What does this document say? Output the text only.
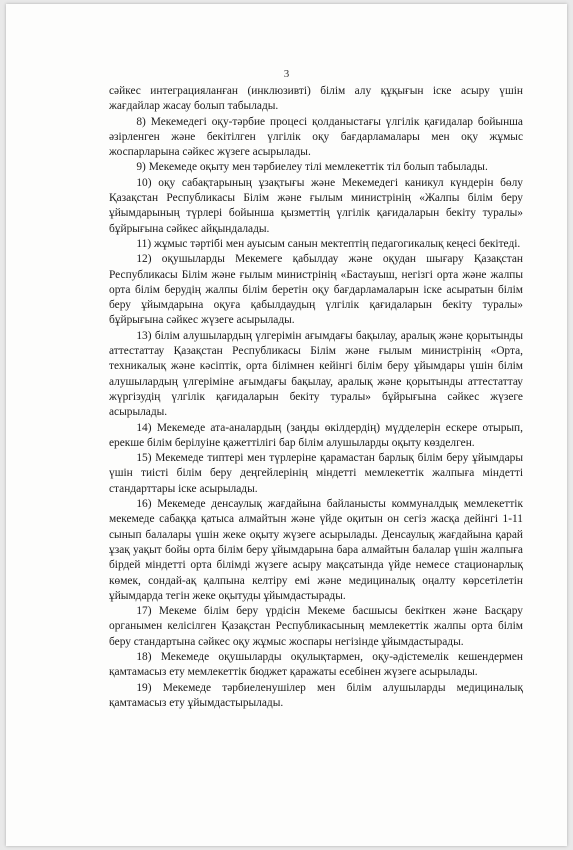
3

сәйкес интеграцияланған (инклюзивті) білім алу құқығын іске асыру үшін жағдайлар жасау болып табылады.

8) Мекемедегі оқу-тәрбие процесі қолданыстағы үлгілік қағидалар бойынша әзірленген және бекітілген үлгілік оқу бағдарламалары мен оқу жұмыс жоспарларына сәйкес жүзеге асырылады.

9) Мекемеде оқыту мен тәрбиелеу тілі мемлекеттік тіл болып табылады.

10) оқу сабақтарының ұзақтығы және Мекемедегі каникул күндерін бөлу Қазақстан Республикасы Білім және ғылым министрінің «Жалпы білім беру ұйымдарының түрлері бойынша қызметтің үлгілік қағидаларын бекіту туралы» бұйрығына сәйкес айқындалады.

11) жұмыс тәртібі мен ауысым санын мектептің педагогикалық кеңесі бекітеді.

12) оқушыларды Мекемеге қабылдау және оқудан шығару Қазақстан Республикасы Білім және ғылым министрінің «Бастауыш, негізгі орта және жалпы орта білім берудің жалпы білім беретін оқу бағдарламаларын іске асыратын білім беру ұйымдарына оқуға қабылдаудың үлгілік қағидаларын бекіту туралы» бұйрығына сәйкес жүзеге асырылады.

13) білім алушылардың үлгерімін ағымдағы бақылау, аралық және қорытынды аттестаттау Қазақстан Республикасы Білім және ғылым министрінің «Орта, техникалық және кәсіптік, орта білімнен кейінгі білім беру ұйымдары үшін білім алушылардың үлгеріміне ағымдағы бақылау, аралық және қорытынды аттестаттау жүргізудің үлгілік қағидаларын бекіту туралы» бұйрығына сәйкес жүзеге асырылады.

14) Мекемеде ата-аналардың (заңды өкілдердің) мүдделерін ескере отырып, ерекше білім берілуіне қажеттілігі бар білім алушыларды оқыту көзделген.

15) Мекемеде типтері мен түрлеріне қарамастан барлық білім беру ұйымдары үшін тиісті білім беру деңгейлерінің міндетті мемлекеттік жалпыға міндетті стандарттары іске асырылады.

16) Мекемеде денсаулық жағдайына байланысты коммуналдық мемлекеттік мекемеде сабаққа қатыса алмайтын және үйде оқитын он сегіз жасқа дейінгі 1-11 сынып балалары үшін жеке оқыту жүзеге асырылады. Денсаулық жағдайына қарай ұзақ уақыт бойы орта білім беру ұйымдарына бара алмайтын балалар үшін жалпыға бірдей міндетті орта білімді жүзеге асыру мақсатында үйде немесе стационарлық көмек, сондай-ақ қалпына келтіру емі және медициналық оңалту көрсетілетін ұйымдарда тегін жеке оқытуды ұйымдастырады.

17) Мекеме білім беру үрдісін Мекеме басшысы бекіткен және Басқару органымен келісілген Қазақстан Республикасының мемлекеттік жалпы орта білім беру стандартына сәйкес оқу жұмыс жоспары негізінде ұйымдастырады.

18) Мекемеде оқушыларды оқулықтармен, оқу-әдістемелік кешендермен қамтамасыз ету мемлекеттік бюджет қаражаты есебінен жүзеге асырылады.

19) Мекемеде тәрбиеленушілер мен білім алушыларды медициналық қамтамасыз ету ұйымдастырылады.
